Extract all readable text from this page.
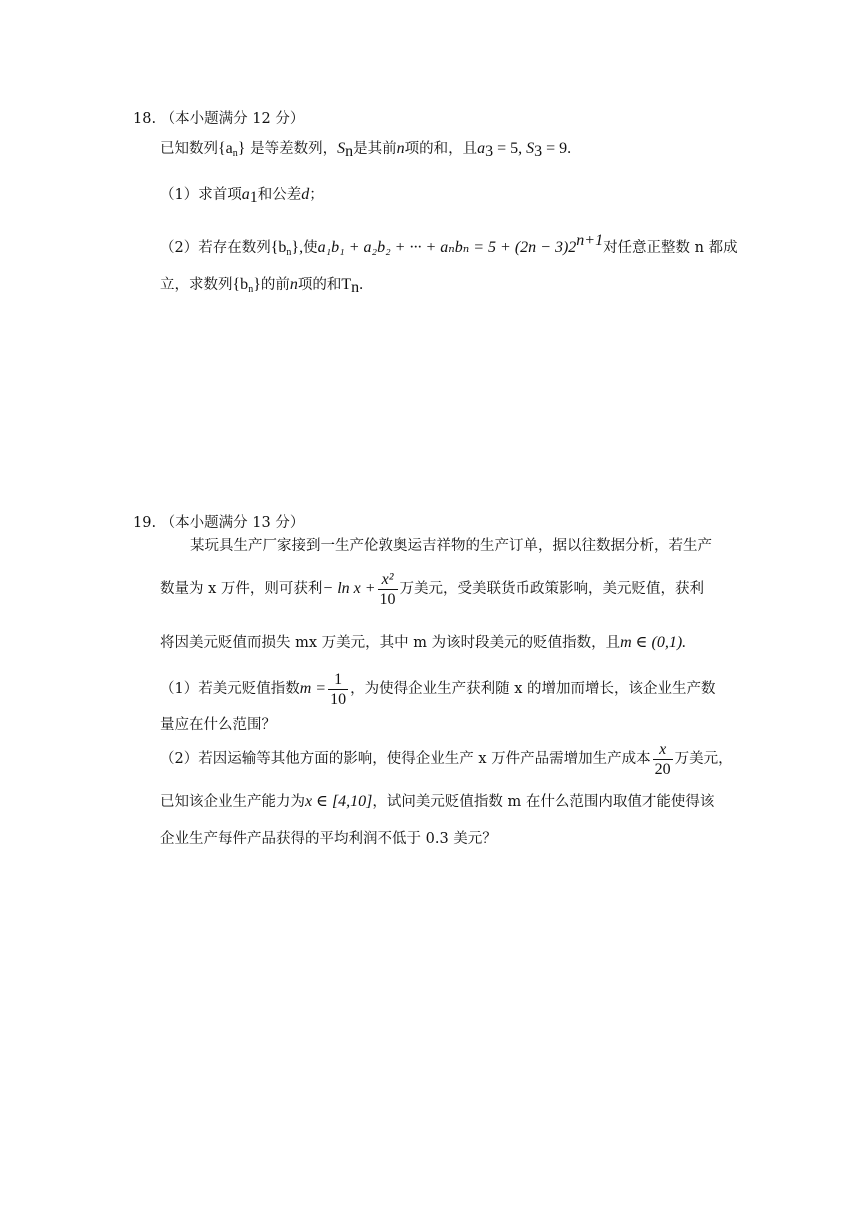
18. （本小题满分 12 分）
已知数列$\{a_n\}$ 是等差数列，$S_n$是其前n项的和，且$a_3 = 5$, $S_3 = 9$.
（1）求首项$a_1$和公差d；
（2）若存在数列$\{b_n\}$,使a₁b₁ + a₂b₂ + ··· + $a_nb_n = 5 + (2n - 3)2^{n+1}$对任意正整数 n 都成
立，求数列$\{b_n\}$的前n项的和$T_n$.
19. （本小题满分 13 分）
某玩具生产厂家接到一生产伦敦奥运吉祥物的生产订单，据以往数据分析，若生产
数量为 x 万件，则可获利− $\ln x + \frac{\text{x²}}{10}$ 万美元，受美联货币政策影响，美元贬值，获利
将因美元贬值而损失 mx 万美元，其中 m 为该时段美元的贬值指数，且m ∈ (0,1).
（1）若美元贬值指数$m = \frac{1}{10}$ ，为使得企业生产获利随 x 的增加而增长，该企业生产数
量应在什么范围？
（2）若因运输等其他方面的影响，使得企业生产 x 万件产品需增加生产成本 $\frac{x}{20}$ 万美元，
已知该企业生产能力为x ∈ [4,10]，试问美元贬值指数 m 在什么范围内取值才能使得该
企业生产每件产品获得的平均利润不低于 0.3 美元？
